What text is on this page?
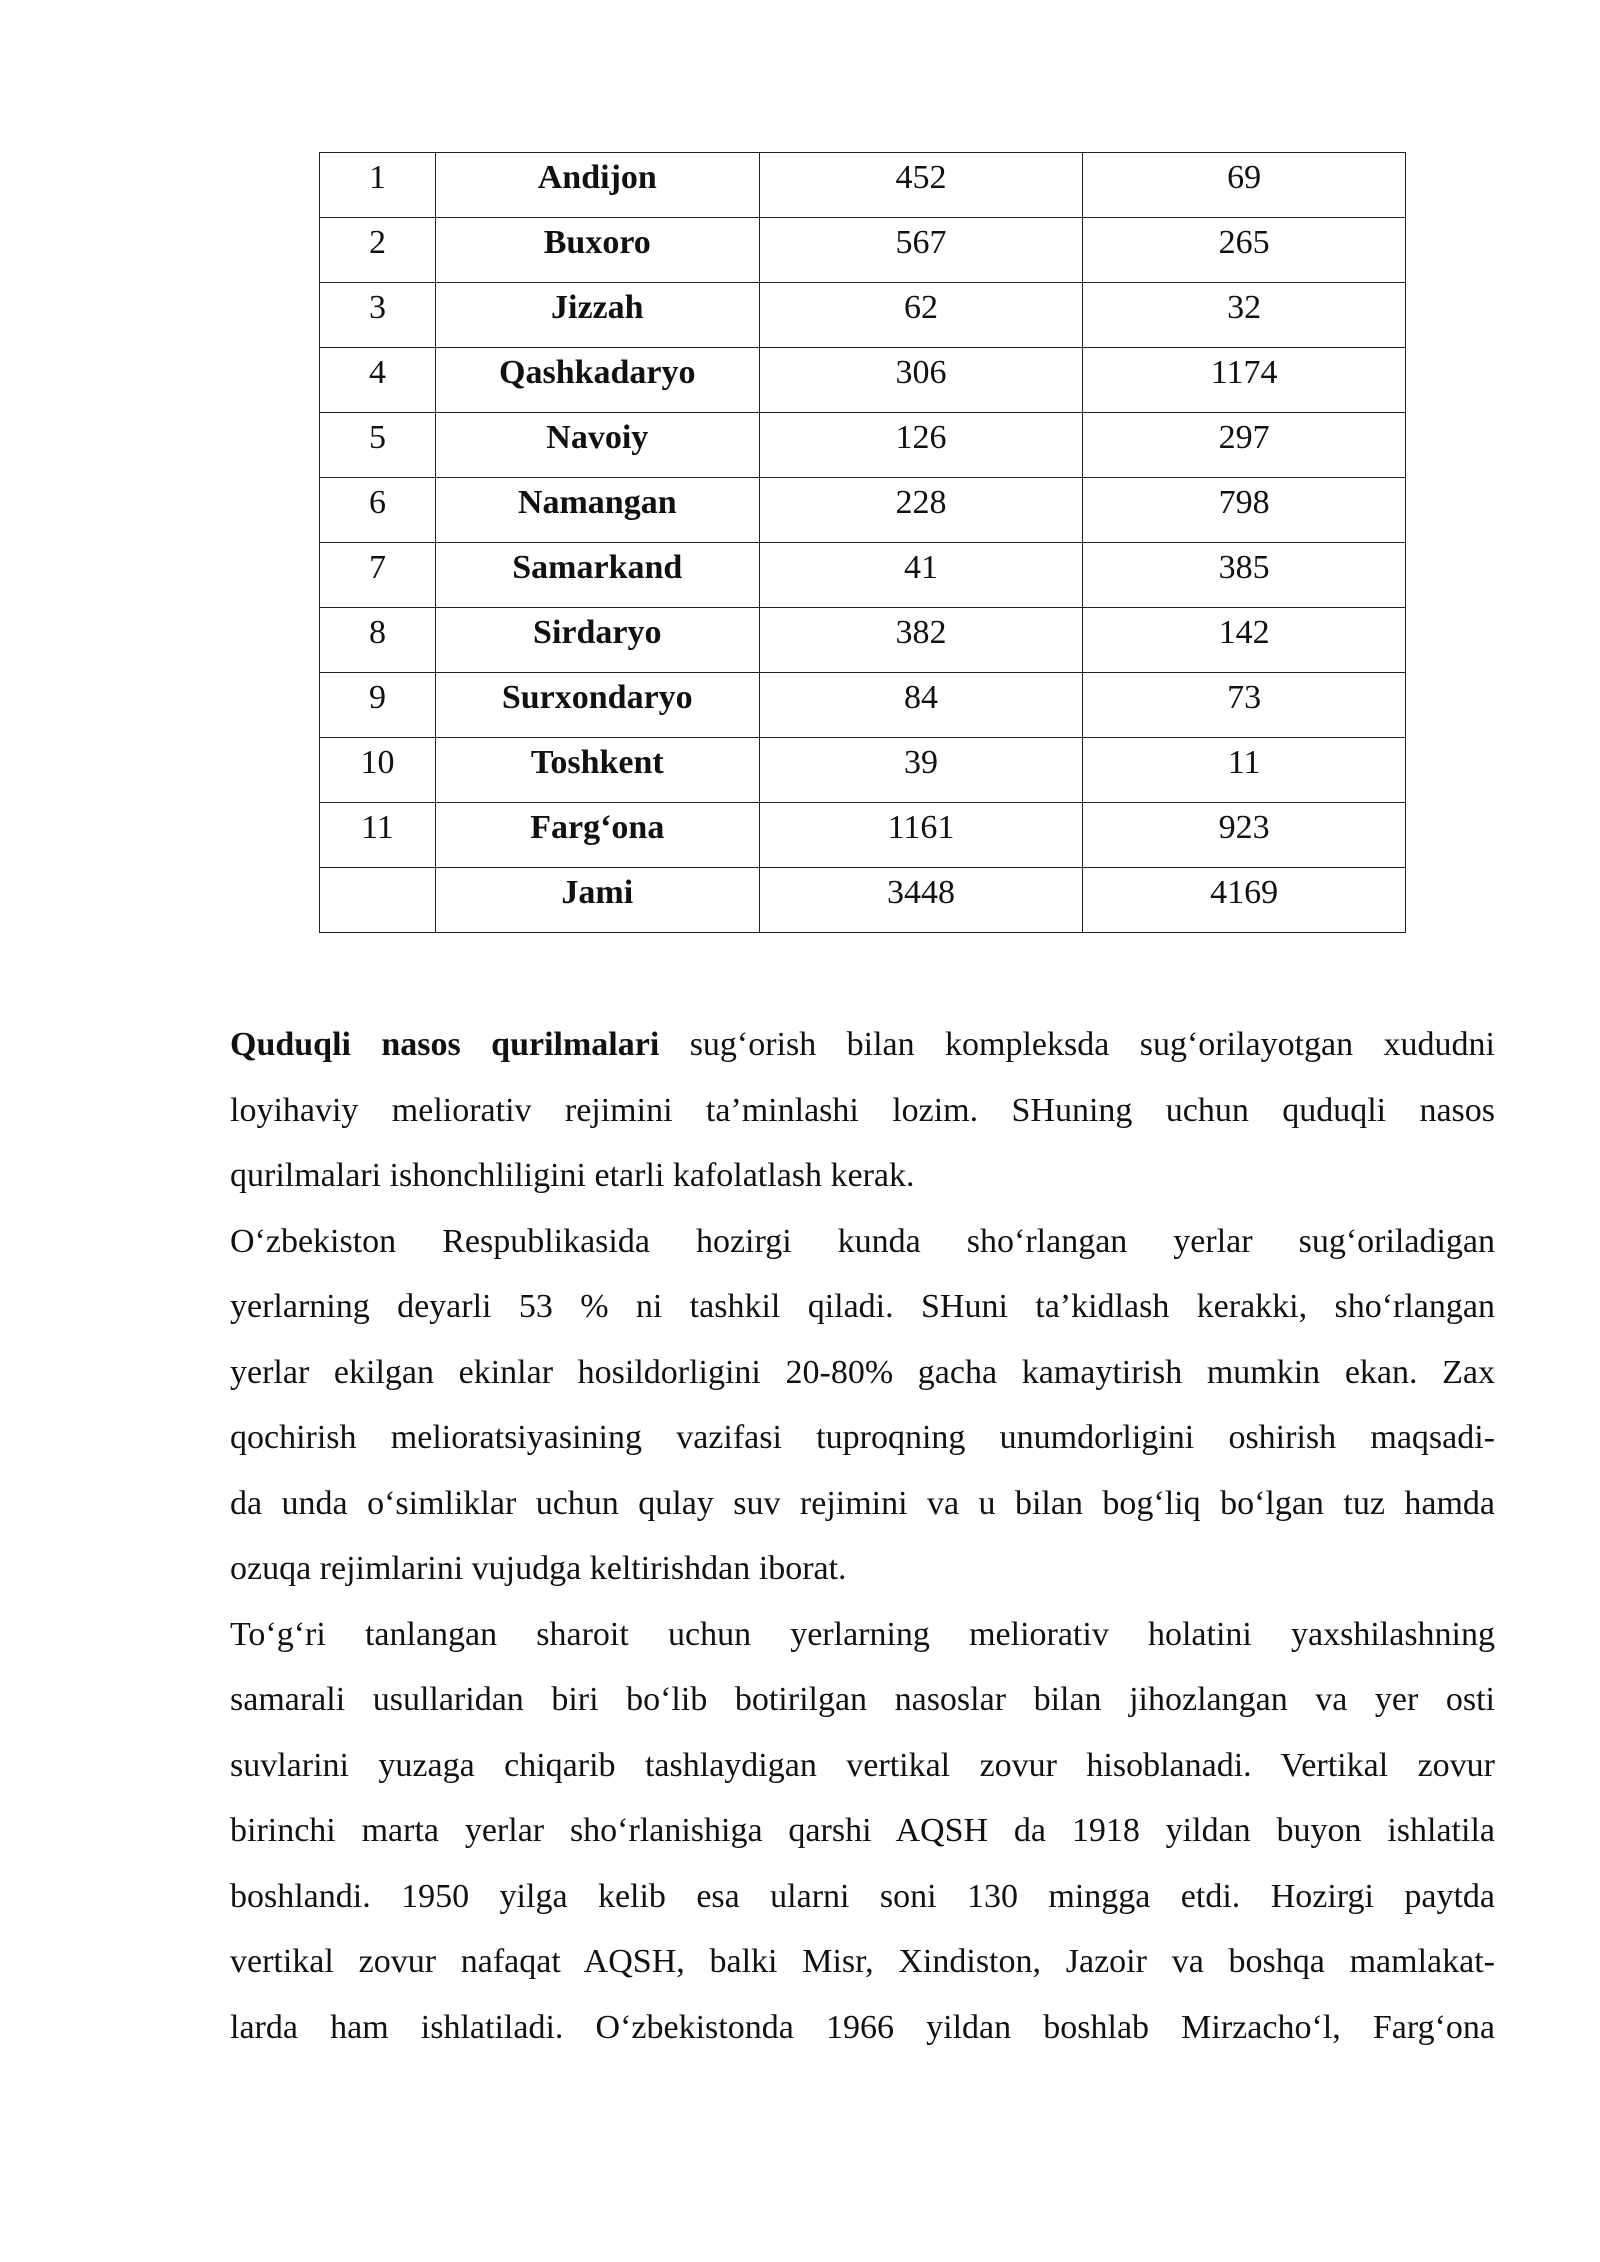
1	Andijon	452	69
2	Buxoro	567	265
3	Jizzah	62	32
4	Qashkadaryo	306	1174
5	Navoiy	126	297
6	Namangan	228	798
7	Samarkand	41	385
8	Sirdaryo	382	142
9	Surxondaryo	84	73
10	Toshkent	39	11
11	Farg‘ona	1161	923
	Jami	3448	4169

Quduqli nasos qurilmalari sug‘orish bilan kompleksda sug‘orilayotgan xududni
loyihaviy meliorativ rejimini ta’minlashi lozim. SHuning uchun quduqli nasos
qurilmalari ishonchliligini etarli kafolatlash kerak.

O‘zbekiston Respublikasida hozirgi kunda sho‘rlangan yerlar sug‘oriladigan
yerlarning deyarli 53 % ni tashkil qiladi. SHuni ta’kidlash kerakki, sho‘rlangan
yerlar ekilgan ekinlar hosildorligini 20-80% gacha kamaytirish mumkin ekan. Zax
qochirish melioratsiyasining vazifasi tuproqning unumdorligini oshirish maqsadi-
da unda o‘simliklar uchun qulay suv rejimini va u bilan bog‘liq bo‘lgan tuz hamda
ozuqa rejimlarini vujudga keltirishdan iborat.

To‘g‘ri tanlangan sharoit uchun yerlarning meliorativ holatini yaxshilashning
samarali usullaridan biri bo‘lib botirilgan nasoslar bilan jihozlangan va yer osti
suvlarini yuzaga chiqarib tashlaydigan vertikal zovur hisoblanadi. Vertikal zovur
birinchi marta yerlar sho‘rlanishiga qarshi AQSH da 1918 yildan buyon ishlatila
boshlandi. 1950 yilga kelib esa ularni soni 130 mingga etdi. Hozirgi paytda
vertikal zovur nafaqat AQSH, balki Misr, Xindiston, Jazoir va boshqa mamlakat-
larda ham ishlatiladi. O‘zbekistonda 1966 yildan boshlab Mirzacho‘l, Farg‘ona
